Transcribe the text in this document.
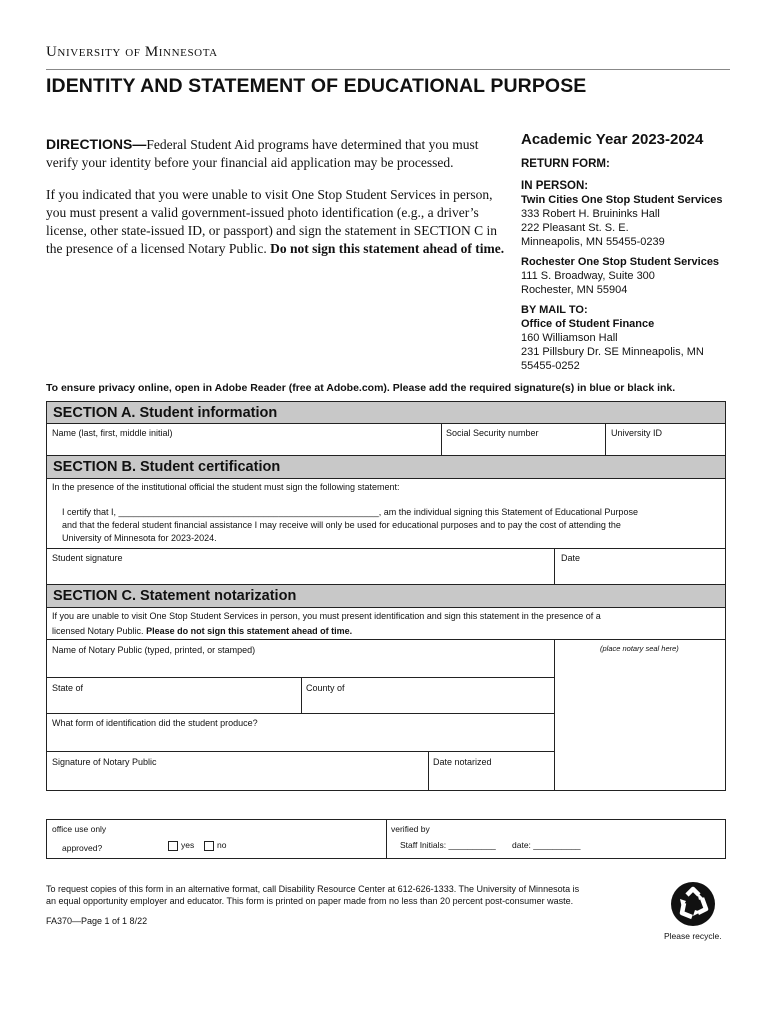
University of Minnesota
IDENTITY AND STATEMENT OF EDUCATIONAL PURPOSE

DIRECTIONS—Federal Student Aid programs have determined that you must verify your identity before your financial aid application may be processed.

If you indicated that you were unable to visit One Stop Student Services in person, you must present a valid government-issued photo identification (e.g., a driver’s license, other state-issued ID, or passport) and sign the statement in SECTION C in the presence of a licensed Notary Public. Do not sign this statement ahead of time.

Academic Year 2023-2024
RETURN FORM:
IN PERSON:
Twin Cities One Stop Student Services
333 Robert H. Bruininks Hall
222 Pleasant St. S. E.
Minneapolis, MN 55455-0239
Rochester One Stop Student Services
111 S. Broadway, Suite 300
Rochester, MN 55904
BY MAIL TO:
Office of Student Finance
160 Williamson Hall
231 Pillsbury Dr. SE Minneapolis, MN 55455-0252
To ensure privacy online, open in Adobe Reader (free at Adobe.com). Please add the required signature(s) in blue or black ink.
SECTION A. Student information
Name (last, first, middle initial)	Social Security number	University ID
SECTION B. Student certification
In the presence of the institutional official the student must sign the following statement:
I certify that I, ____________________________________________________, am the individual signing this Statement of Educational Purpose
and that the federal student financial assistance I may receive will only be used for educational purposes and to pay the cost of attending the
University of Minnesota for 2023-2024.
Student signature	Date
SECTION C. Statement notarization
If you are unable to visit One Stop Student Services in person, you must present identification and sign this statement in the presence of a
licensed Notary Public. Please do not sign this statement ahead of time.
Name of Notary Public (typed, printed, or stamped)	(place notary seal here)
State of	County of
What form of identification did the student produce?
Signature of Notary Public	Date notarized
office use only
approved?	yes	no
verified by
Staff Initials: __________ date: __________
To request copies of this form in an alternative format, call Disability Resource Center at 612-626-1333. The University of Minnesota is
an equal opportunity employer and educator. This form is printed on paper made from no less than 20 percent post-consumer waste.
FA370—Page 1 of 1 8/22
Please recycle.
